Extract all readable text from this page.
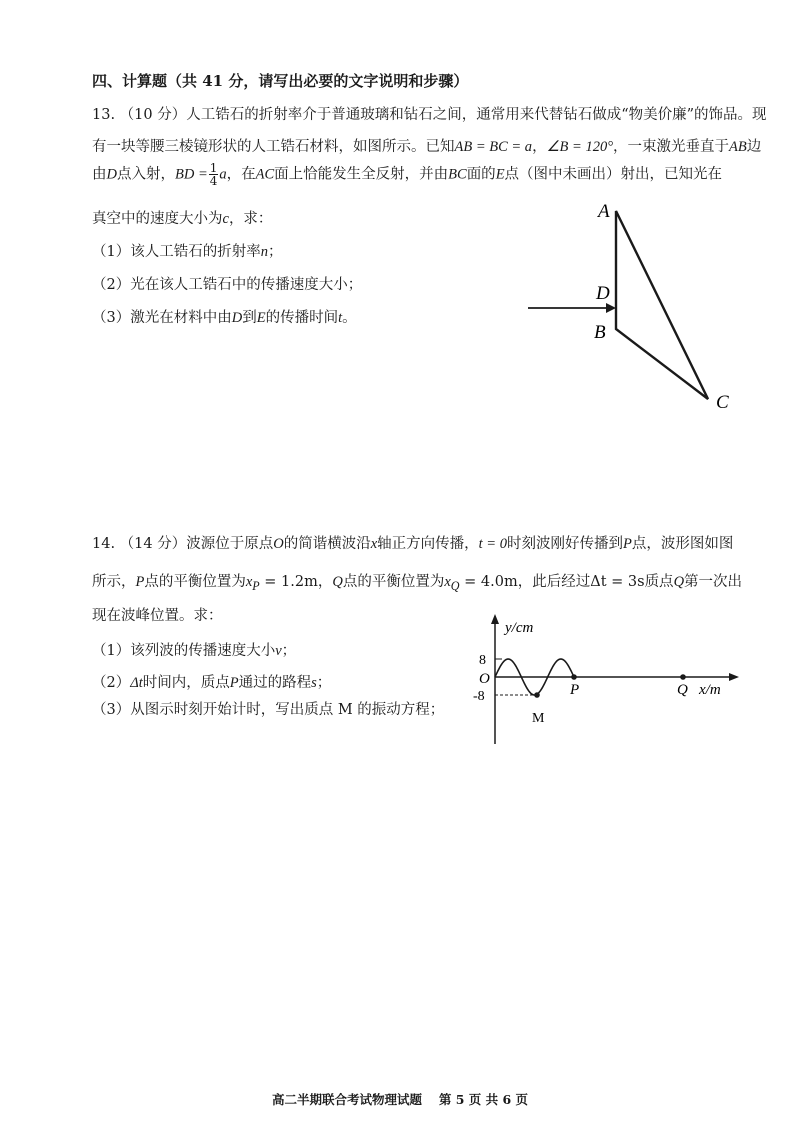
四、计算题（共 41 分，请写出必要的文字说明和步骤）
13. （10 分）人工锆石的折射率介于普通玻璃和钻石之间，通常用来代替钻石做成“物美价廉”的饰品。现
有一块等腰三棱镜形状的人工锆石材料，如图所示。已知AB = BC = a，∠B = 120°，一束激光垂直于AB边
由D点入射，BD = $\frac{1}{4}$ a，在AC面上恰能发生全反射，并由BC面的E点（图中未画出）射出，已知光在
真空中的速度大小为c，求：
（1）该人工锆石的折射率n；
（2）光在该人工锆石中的传播速度大小；
（3）激光在材料中由D到E的传播时间t。
A
D
B
C
14. （14 分）波源位于原点O的简谐横波沿x轴正方向传播，t = 0时刻波刚好传播到P点，波形图如图
所示，P点的平衡位置为$x_P = 1.2m$，Q点的平衡位置为$x_Q = 4.0m$，此后经过Δt = 3s质点Q第一次出
现在波峰位置。求：
（1）该列波的传播速度大小v；
（2）Δt时间内，质点P通过的路程s；
（3）从图示时刻开始计时，写出质点 M 的振动方程；
y/cm
x/m
O
8
-8	P	Q
M
高二半期联合考试物理试题　 第 5 页 共 6 页
